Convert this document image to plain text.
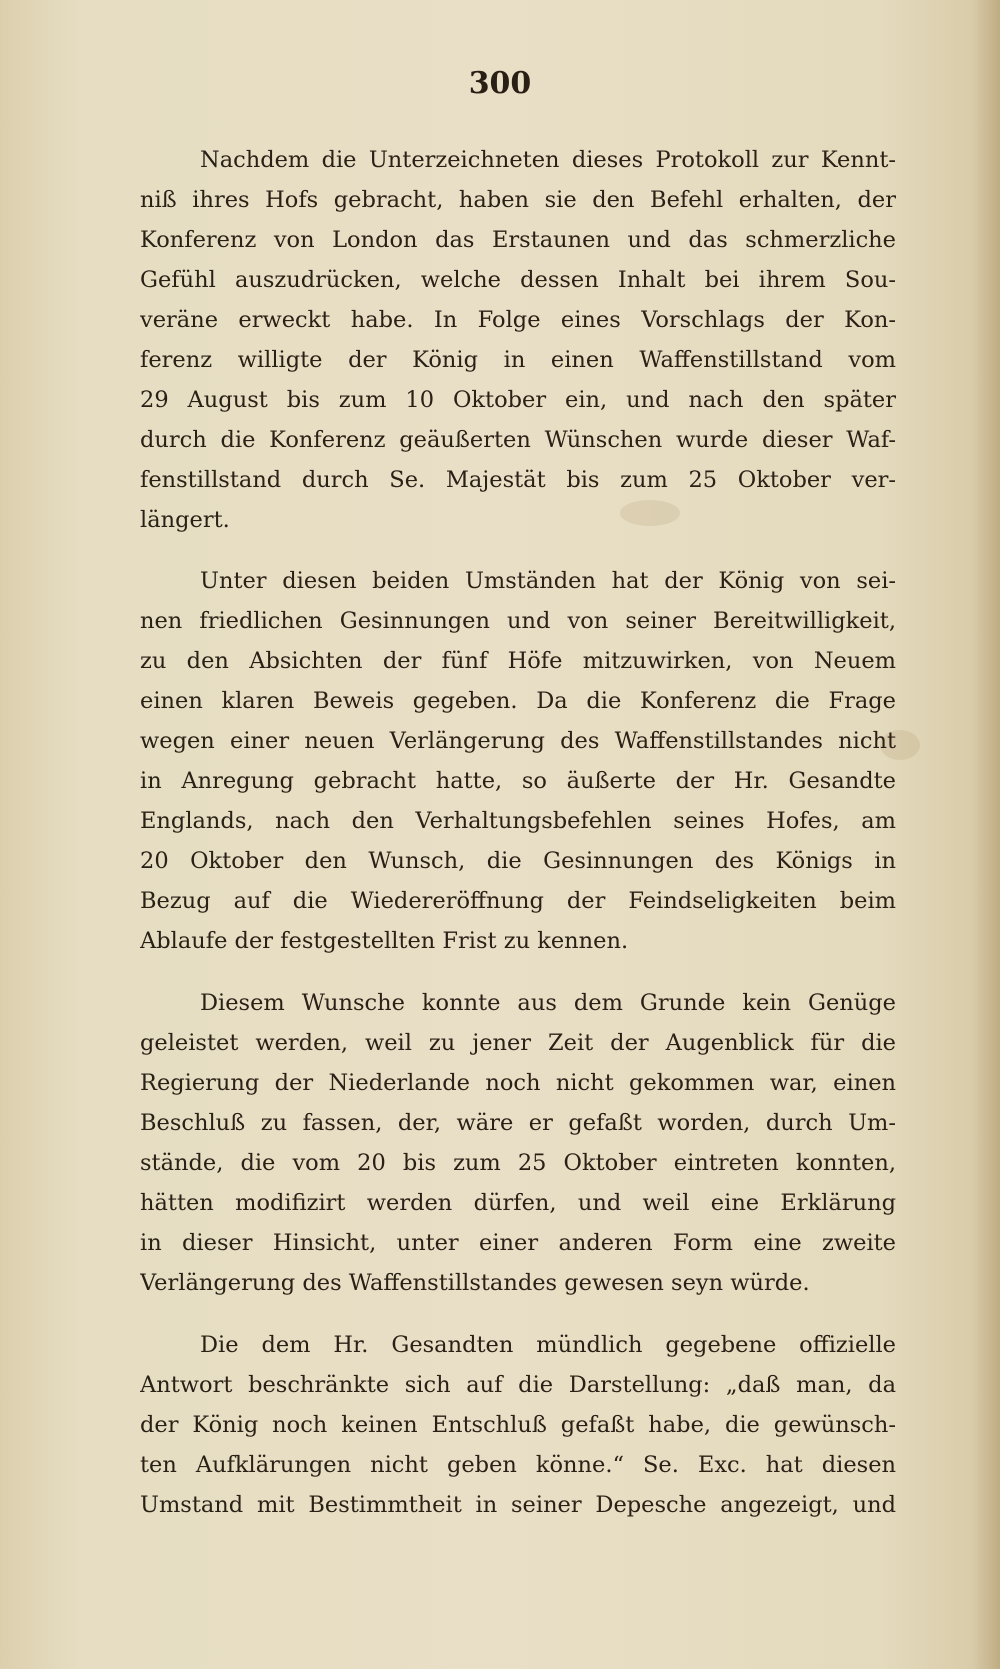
300

Nachdem die Unterzeichneten dieses Protokoll zur Kennt-
niß ihres Hofs gebracht, haben sie den Befehl erhalten, der
Konferenz von London das Erstaunen und das schmerzliche
Gefühl auszudrücken, welche dessen Inhalt bei ihrem Sou-
veräne erweckt habe. In Folge eines Vorschlags der Kon-
ferenz willigte der König in einen Waffenstillstand vom
29 August bis zum 10 Oktober ein, und nach den später
durch die Konferenz geäußerten Wünschen wurde dieser Waf-
fenstillstand durch Se. Majestät bis zum 25 Oktober ver-
längert.

Unter diesen beiden Umständen hat der König von sei-
nen friedlichen Gesinnungen und von seiner Bereitwilligkeit,
zu den Absichten der fünf Höfe mitzuwirken, von Neuem
einen klaren Beweis gegeben. Da die Konferenz die Frage
wegen einer neuen Verlängerung des Waffenstillstandes nicht
in Anregung gebracht hatte, so äußerte der Hr. Gesandte
Englands, nach den Verhaltungsbefehlen seines Hofes, am
20 Oktober den Wunsch, die Gesinnungen des Königs in
Bezug auf die Wiedereröffnung der Feindseligkeiten beim
Ablaufe der festgestellten Frist zu kennen.

Diesem Wunsche konnte aus dem Grunde kein Genüge
geleistet werden, weil zu jener Zeit der Augenblick für die
Regierung der Niederlande noch nicht gekommen war, einen
Beschluß zu fassen, der, wäre er gefaßt worden, durch Um-
stände, die vom 20 bis zum 25 Oktober eintreten konnten,
hätten modifizirt werden dürfen, und weil eine Erklärung
in dieser Hinsicht, unter einer anderen Form eine zweite
Verlängerung des Waffenstillstandes gewesen seyn würde.

Die dem Hr. Gesandten mündlich gegebene offizielle
Antwort beschränkte sich auf die Darstellung: „daß man, da
der König noch keinen Entschluß gefaßt habe, die gewünsch-
ten Aufklärungen nicht geben könne.“ Se. Exc. hat diesen
Umstand mit Bestimmtheit in seiner Depesche angezeigt, und
